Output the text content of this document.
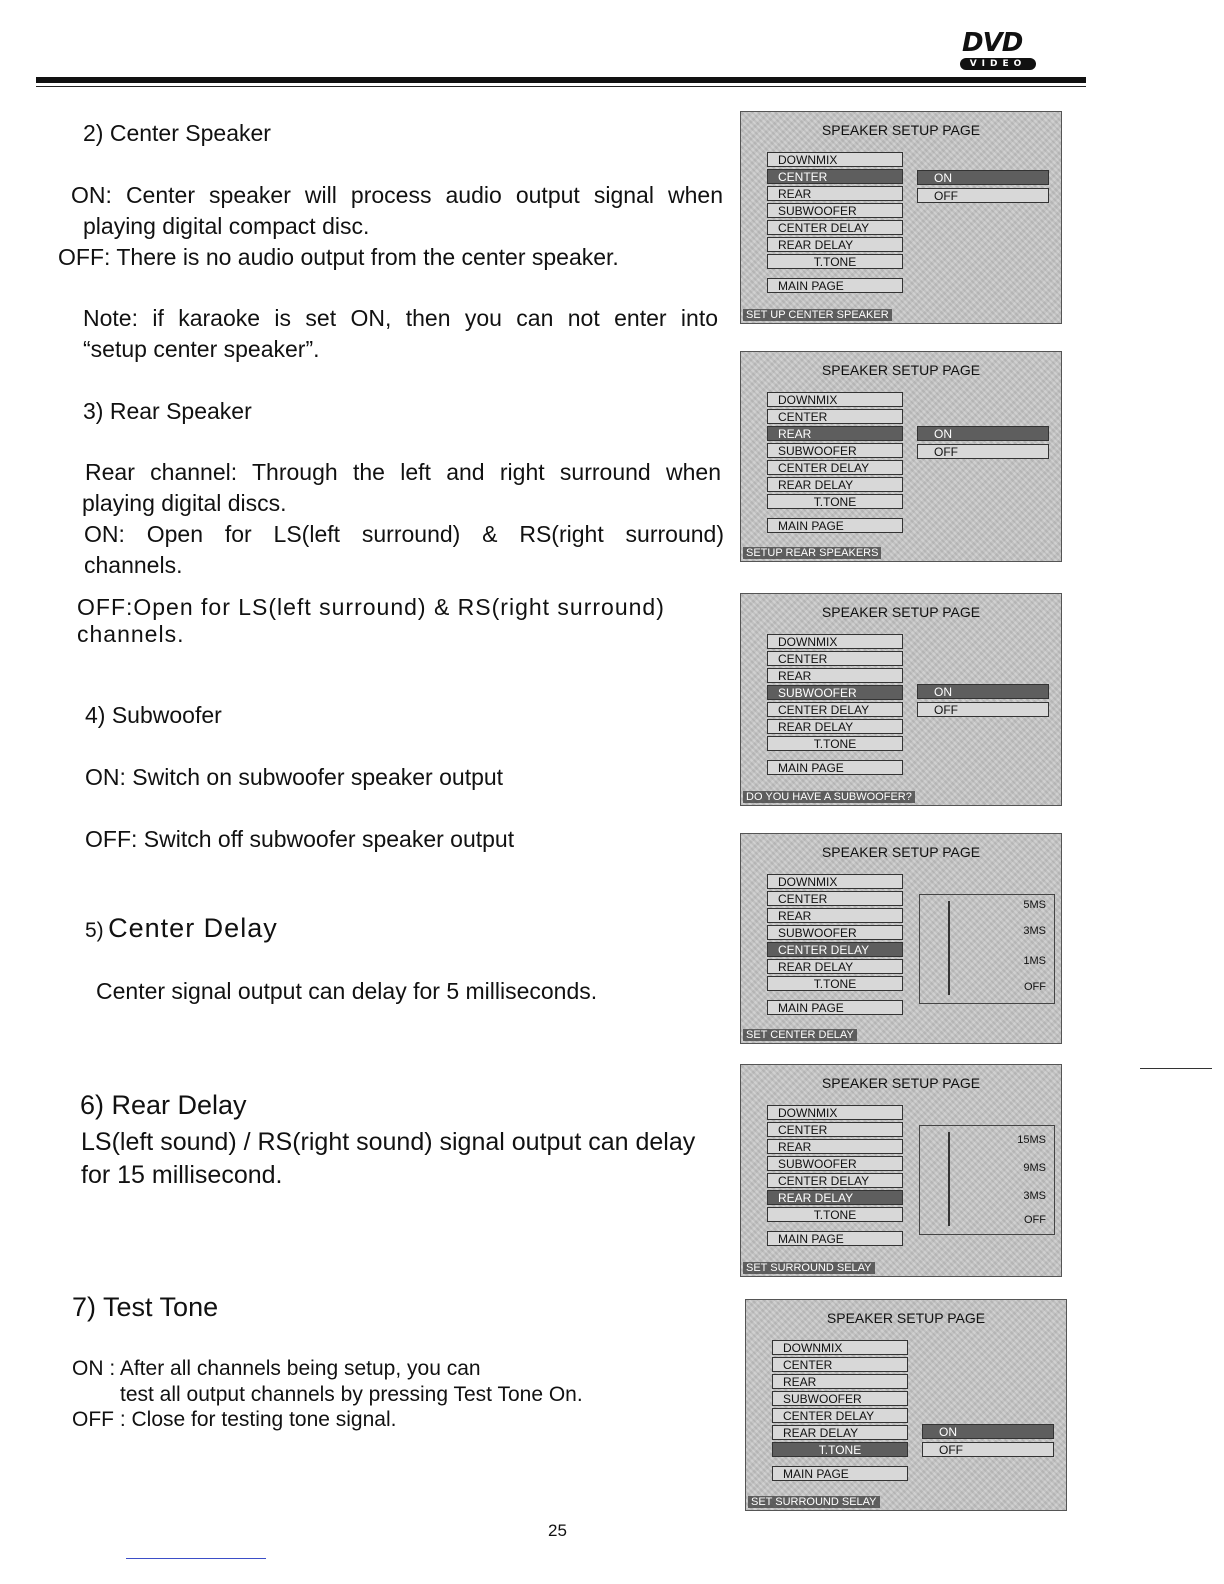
DVD
VIDEO
2) Center Speaker
ON: Center speaker will process audio output signal when
playing digital compact disc.
OFF: There is no audio output from the center speaker.
Note: if karaoke is set ON, then you can not enter into
“setup center speaker”.
3) Rear Speaker
Rear channel: Through the left and right surround when
playing digital discs.
ON: Open for LS(left surround) & RS(right surround)
channels.
OFF:Open for LS(left surround) & RS(right surround)
channels.
4) Subwoofer
ON: Switch on subwoofer speaker output
OFF: Switch off subwoofer speaker output
5) Center Delay
Center signal output can delay for 5 milliseconds.
6) Rear Delay
LS(left sound) / RS(right sound) signal output can delay
for 15 millisecond.
7) Test Tone
ON : After all channels being setup, you can
test all output channels by pressing Test Tone On.
OFF : Close for testing tone signal.
SPEAKER SETUP PAGE
DOWNMIX
CENTER
REAR
SUBWOOFER
CENTER DELAY
REAR DELAY
T.TONE
MAIN PAGE
ON
OFF
SET UP CENTER SPEAKER
SPEAKER SETUP PAGE
DOWNMIX
CENTER
REAR
SUBWOOFER
CENTER DELAY
REAR DELAY
T.TONE
MAIN PAGE
ON
OFF
SETUP REAR SPEAKERS
SPEAKER SETUP PAGE
DOWNMIX
CENTER
REAR
SUBWOOFER
CENTER DELAY
REAR DELAY
T.TONE
MAIN PAGE
ON
OFF
DO YOU HAVE A SUBWOOFER?
SPEAKER SETUP PAGE
DOWNMIX
CENTER
REAR
SUBWOOFER
CENTER DELAY
REAR DELAY
T.TONE
MAIN PAGE
5MS
3MS
1MS
OFF
SET CENTER DELAY
SPEAKER SETUP PAGE
DOWNMIX
CENTER
REAR
SUBWOOFER
CENTER DELAY
REAR DELAY
T.TONE
MAIN PAGE
15MS
9MS
3MS
OFF
SET SURROUND SELAY
SPEAKER SETUP PAGE
DOWNMIX
CENTER
REAR
SUBWOOFER
CENTER DELAY
REAR DELAY
T.TONE
MAIN PAGE
ON
OFF
SET SURROUND SELAY
25
